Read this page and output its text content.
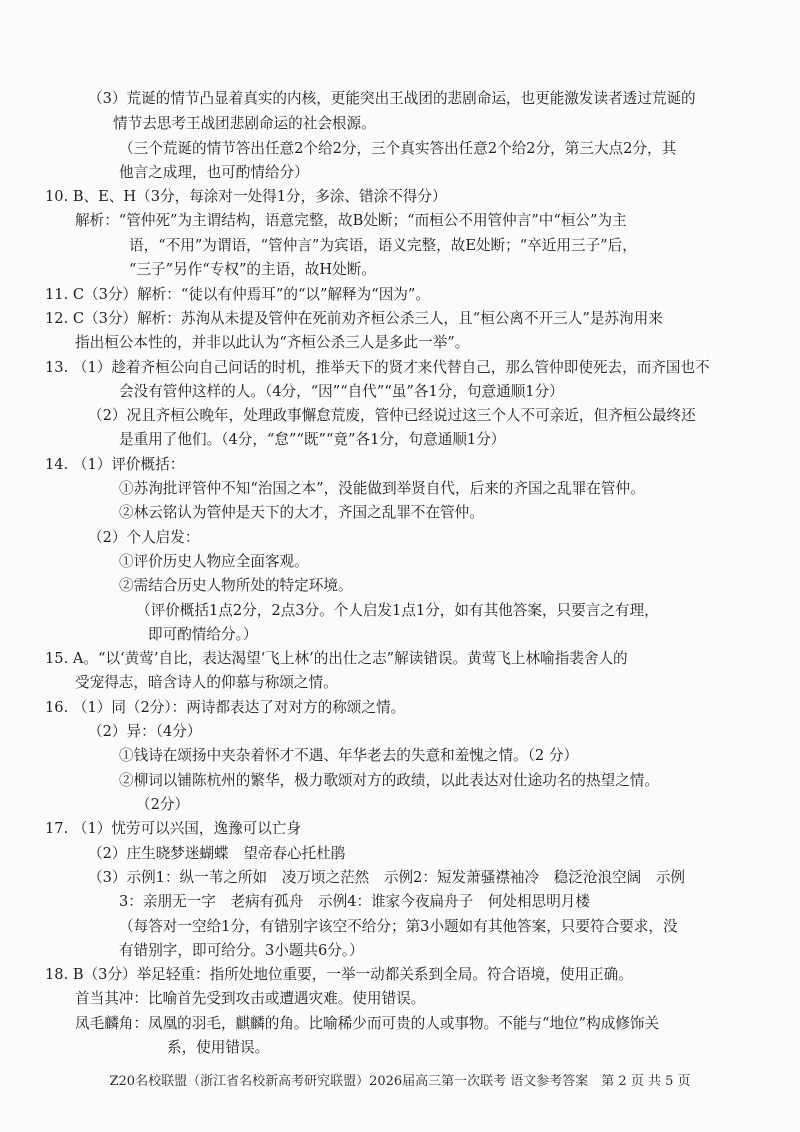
（3）荒诞的情节凸显着真实的内核，更能突出王战团的悲剧命运，也更能激发读者透过荒诞的
情节去思考王战团悲剧命运的社会根源。
（三个荒诞的情节答出任意2个给2分，三个真实答出任意2个给2分，第三大点2分，其
他言之成理，也可酌情给分）
10. B、E、H（3分，每涂对一处得1分，多涂、错涂不得分）
解析：“管仲死”为主谓结构，语意完整，故B处断；“而桓公不用管仲言”中“桓公”为主
语，“不用”为谓语，“管仲言”为宾语，语义完整，故E处断；“卒近用三子”后，
“三子”另作“专权”的主语，故H处断。
11. C（3分）解析：“徒以有仲焉耳”的“以”解释为“因为”。
12. C（3分）解析：苏洵从未提及管仲在死前劝齐桓公杀三人，且“桓公离不开三人”是苏洵用来
指出桓公本性的，并非以此认为“齐桓公杀三人是多此一举”。
13. （1）趁着齐桓公向自己问话的时机，推举天下的贤才来代替自己，那么管仲即使死去，而齐国也不
会没有管仲这样的人。（4分，“因”“自代”“虽”各1分，句意通顺1分）
（2）况且齐桓公晚年，处理政事懈怠荒废，管仲已经说过这三个人不可亲近，但齐桓公最终还
是重用了他们。（4分，“怠”“既”“竟”各1分，句意通顺1分）
14. （1）评价概括：
①苏洵批评管仲不知“治国之本”，没能做到举贤自代，后来的齐国之乱罪在管仲。
②林云铭认为管仲是天下的大才，齐国之乱罪不在管仲。
（2）个人启发：
①评价历史人物应全面客观。
②需结合历史人物所处的特定环境。
（评价概括1点2分，2点3分。个人启发1点1分，如有其他答案，只要言之有理，
即可酌情给分。）
15. A。“以‘黄莺’自比，表达渴望‘飞上林’的出仕之志”解读错误。黄莺飞上林喻指裴舍人的
受宠得志，暗含诗人的仰慕与称颂之情。
16. （1）同（2分）：两诗都表达了对对方的称颂之情。
（2）异：（4分）
①钱诗在颂扬中夹杂着怀才不遇、年华老去的失意和羞愧之情。（2 分）
②柳词以铺陈杭州的繁华，极力歌颂对方的政绩，以此表达对仕途功名的热望之情。
（2分）
17. （1）忧劳可以兴国，逸豫可以亡身
（2）庄生晓梦迷蝴蝶　望帝春心托杜鹃
（3）示例1：纵一苇之所如　凌万顷之茫然　示例2：短发萧骚襟袖冷　稳泛沧浪空阔　示例
3：亲朋无一字　老病有孤舟　示例4：谁家今夜扁舟子　何处相思明月楼
（每答对一空给1分，有错别字该空不给分；第3小题如有其他答案，只要符合要求，没
有错别字，即可给分。3小题共6分。）
18. B（3分）举足轻重：指所处地位重要，一举一动都关系到全局。符合语境，使用正确。
首当其冲：比喻首先受到攻击或遭遇灾难。使用错误。
凤毛麟角：凤凰的羽毛，麒麟的角。比喻稀少而可贵的人或事物。不能与“地位”构成修饰关
系，使用错误。
Z20名校联盟（浙江省名校新高考研究联盟）2026届高三第一次联考 语文参考答案　第 2 页 共 5 页
